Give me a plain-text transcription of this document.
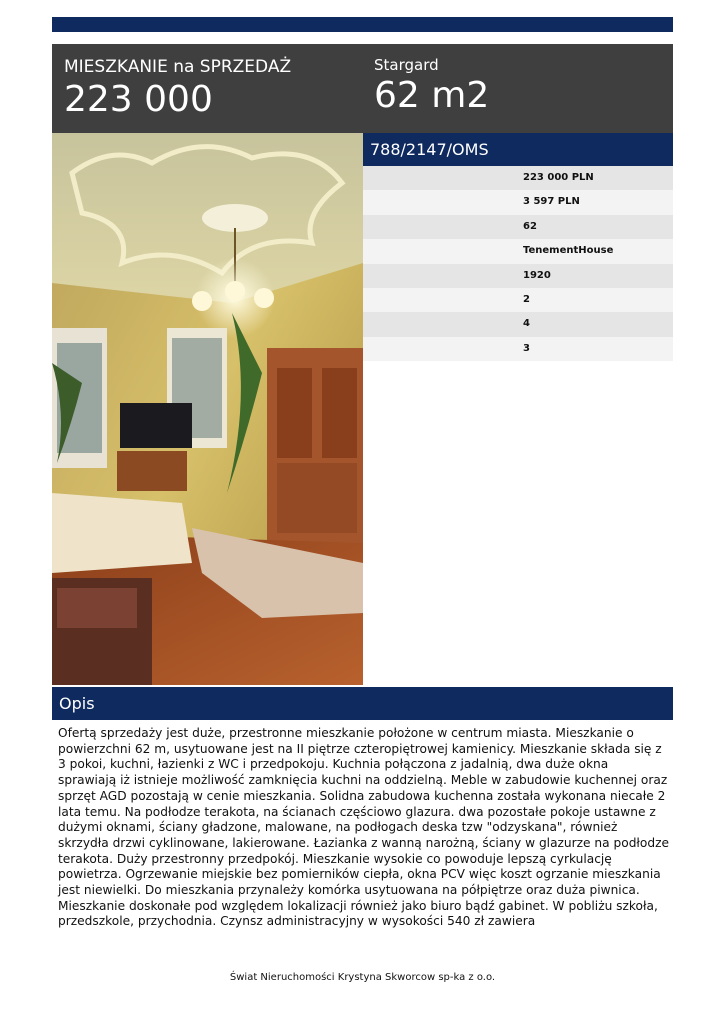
MIESZKANIE na SPRZEDAŻ
223 000
Stargard
62 m2
788/2147/OMS
223 000 PLN
3 597 PLN
62
TenementHouse
1920
2
4
3
Opis
Ofertą sprzedaży jest duże, przestronne mieszkanie położone w centrum miasta. Mieszkanie o powierzchni 62 m, usytuowane jest na II piętrze czteropiętrowej kamienicy. Mieszkanie składa się z 3 pokoi, kuchni, łazienki z WC i przedpokoju. Kuchnia połączona z jadalnią, dwa duże okna sprawiają iż istnieje możliwość zamknięcia kuchni na oddzielną. Meble w zabudowie kuchennej oraz sprzęt AGD pozostają w cenie mieszkania. Solidna zabudowa kuchenna została wykonana niecałe 2 lata temu. Na podłodze terakota, na ścianach częściowo glazura. dwa pozostałe pokoje ustawne z dużymi oknami, ściany gładzone, malowane, na podłogach deska tzw "odzyskana", również skrzydła drzwi cyklinowane, lakierowane. Łazianka z wanną narożną, ściany w glazurze na podłodze terakota. Duży przestronny przedpokój. Mieszkanie wysokie co powoduje lepszą cyrkulację powietrza. Ogrzewanie miejskie bez pomierników ciepła, okna PCV więc koszt ogrzanie mieszkania jest niewielki. Do mieszkania przynależy komórka usytuowana na półpiętrze oraz duża piwnica. Mieszkanie doskonałe pod względem lokalizacji również jako biuro bądź gabinet. W pobliżu szkoła, przedszkole, przychodnia. Czynsz administracyjny w wysokości 540 zł zawiera
Świat Nieruchomości Krystyna Skworcow sp-ka z o.o.
